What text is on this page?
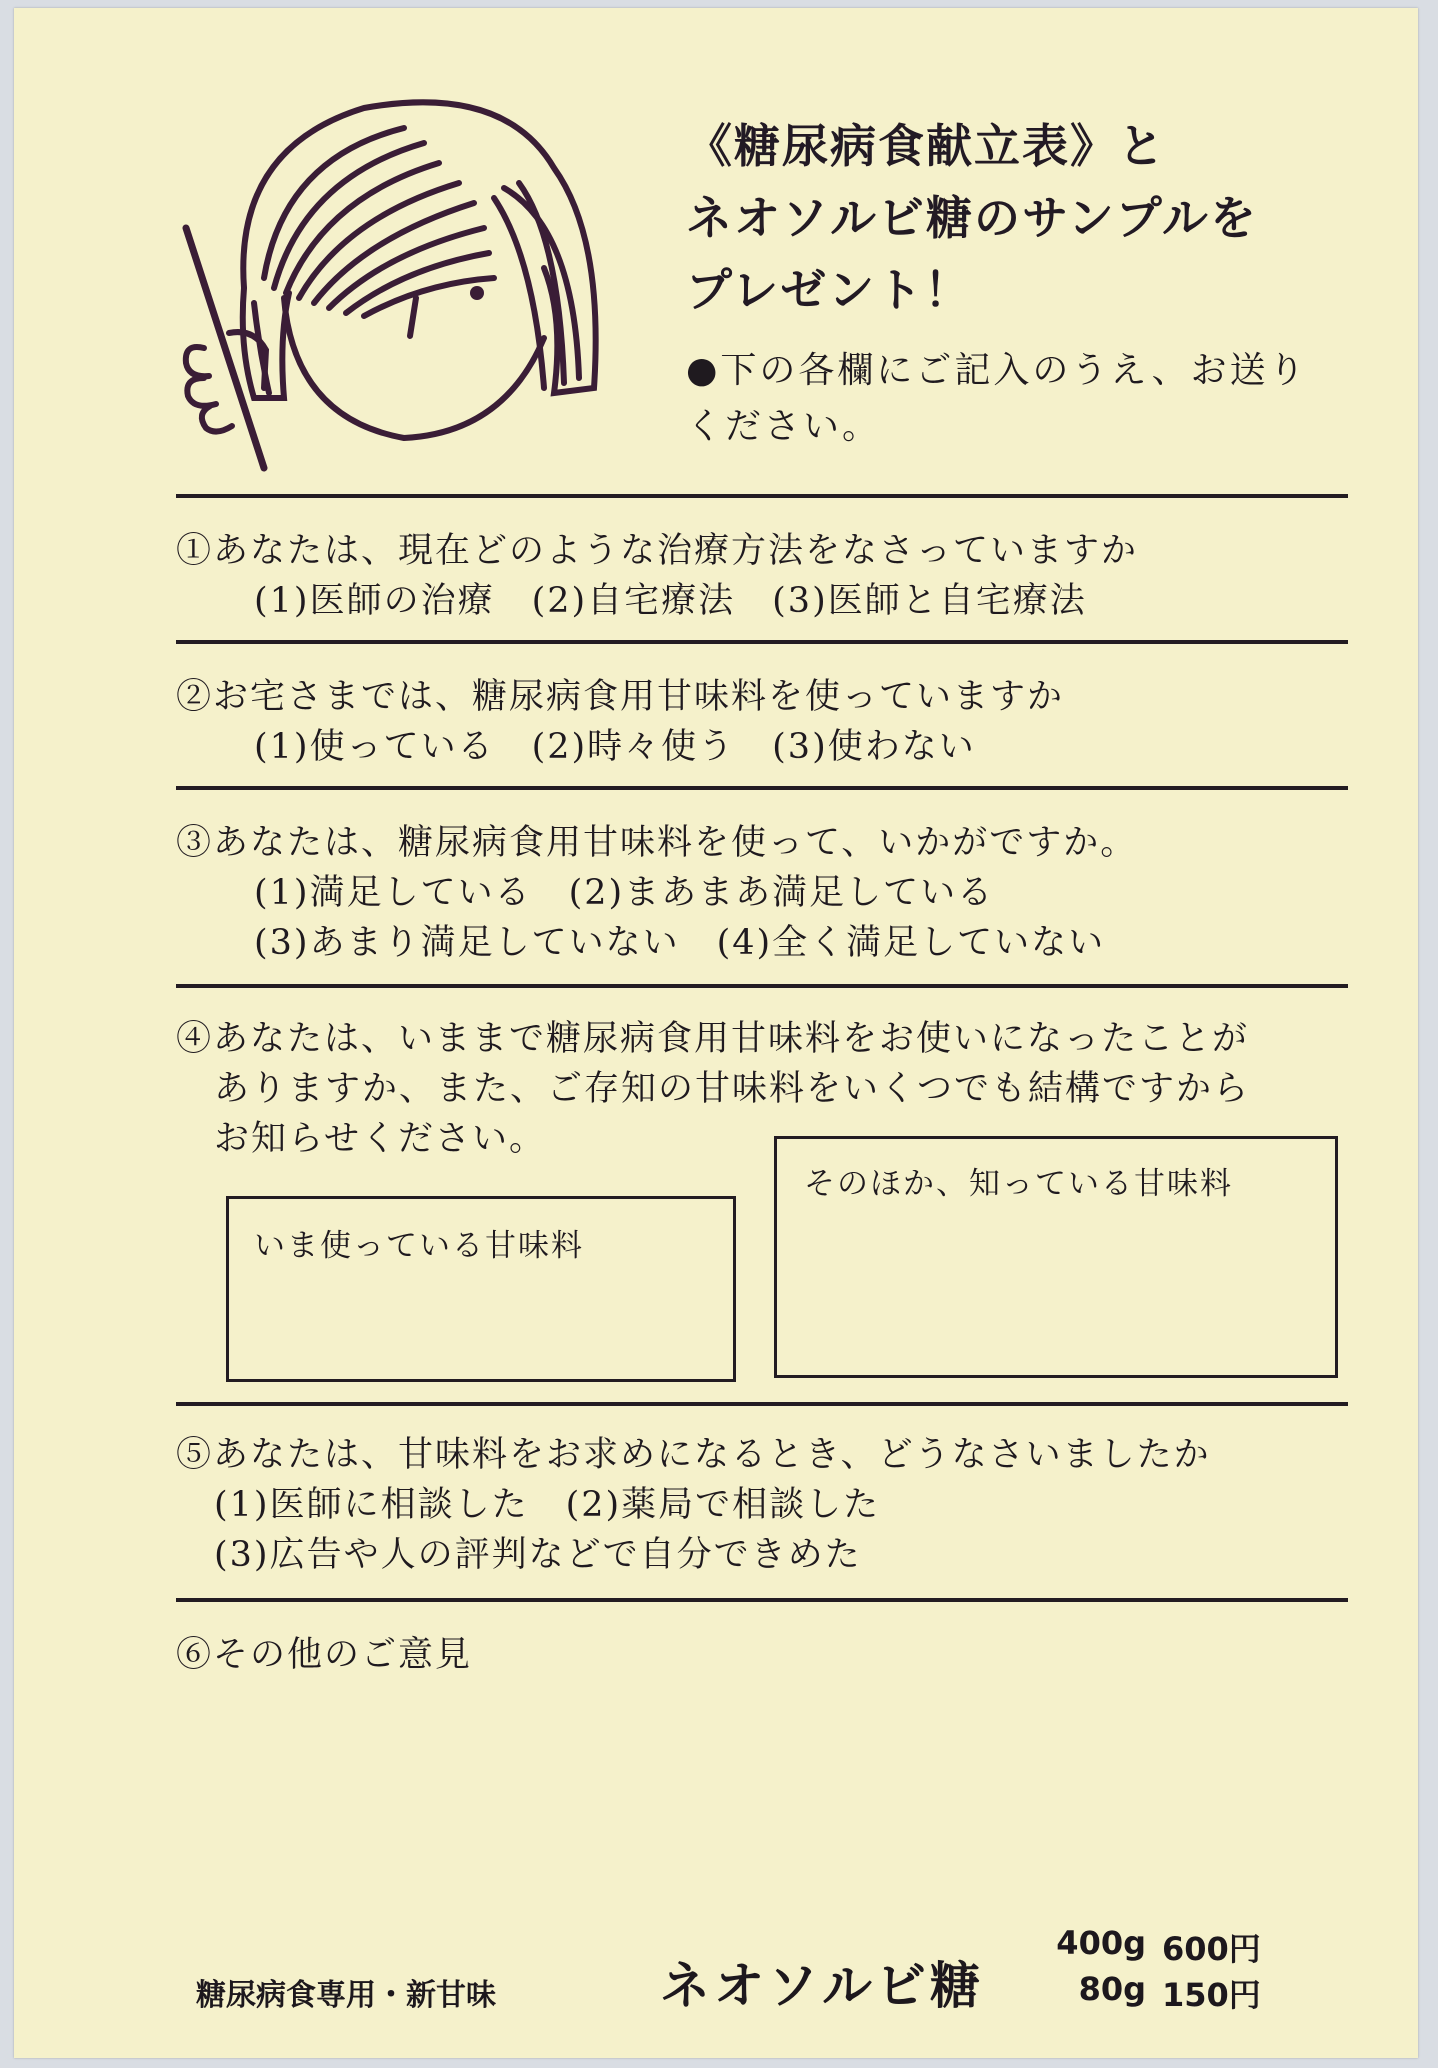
《糖尿病食献立表》と
ネオソルビ糖のサンプルを
プレゼント！
●下の各欄にご記入のうえ、お送りください。
①あなたは、現在どのような治療方法をなさっていますか
(1)医師の治療　(2)自宅療法　(3)医師と自宅療法
②お宅さまでは、糖尿病食用甘味料を使っていますか
(1)使っている　(2)時々使う　(3)使わない
③あなたは、糖尿病食用甘味料を使って、いかがですか。
(1)満足している　(2)まあまあ満足している
(3)あまり満足していない　(4)全く満足していない
④あなたは、いままで糖尿病食用甘味料をお使いになったことが
ありますか、また、ご存知の甘味料をいくつでも結構ですから
お知らせください。
いま使っている甘味料
そのほか、知っている甘味料
⑤あなたは、甘味料をお求めになるとき、どうなさいましたか
(1)医師に相談した　(2)薬局で相談した
(3)広告や人の評判などで自分できめた
⑥その他のご意見
糖尿病食専用・新甘味	ネオソルビ糖
400g 600円
80g 150円
